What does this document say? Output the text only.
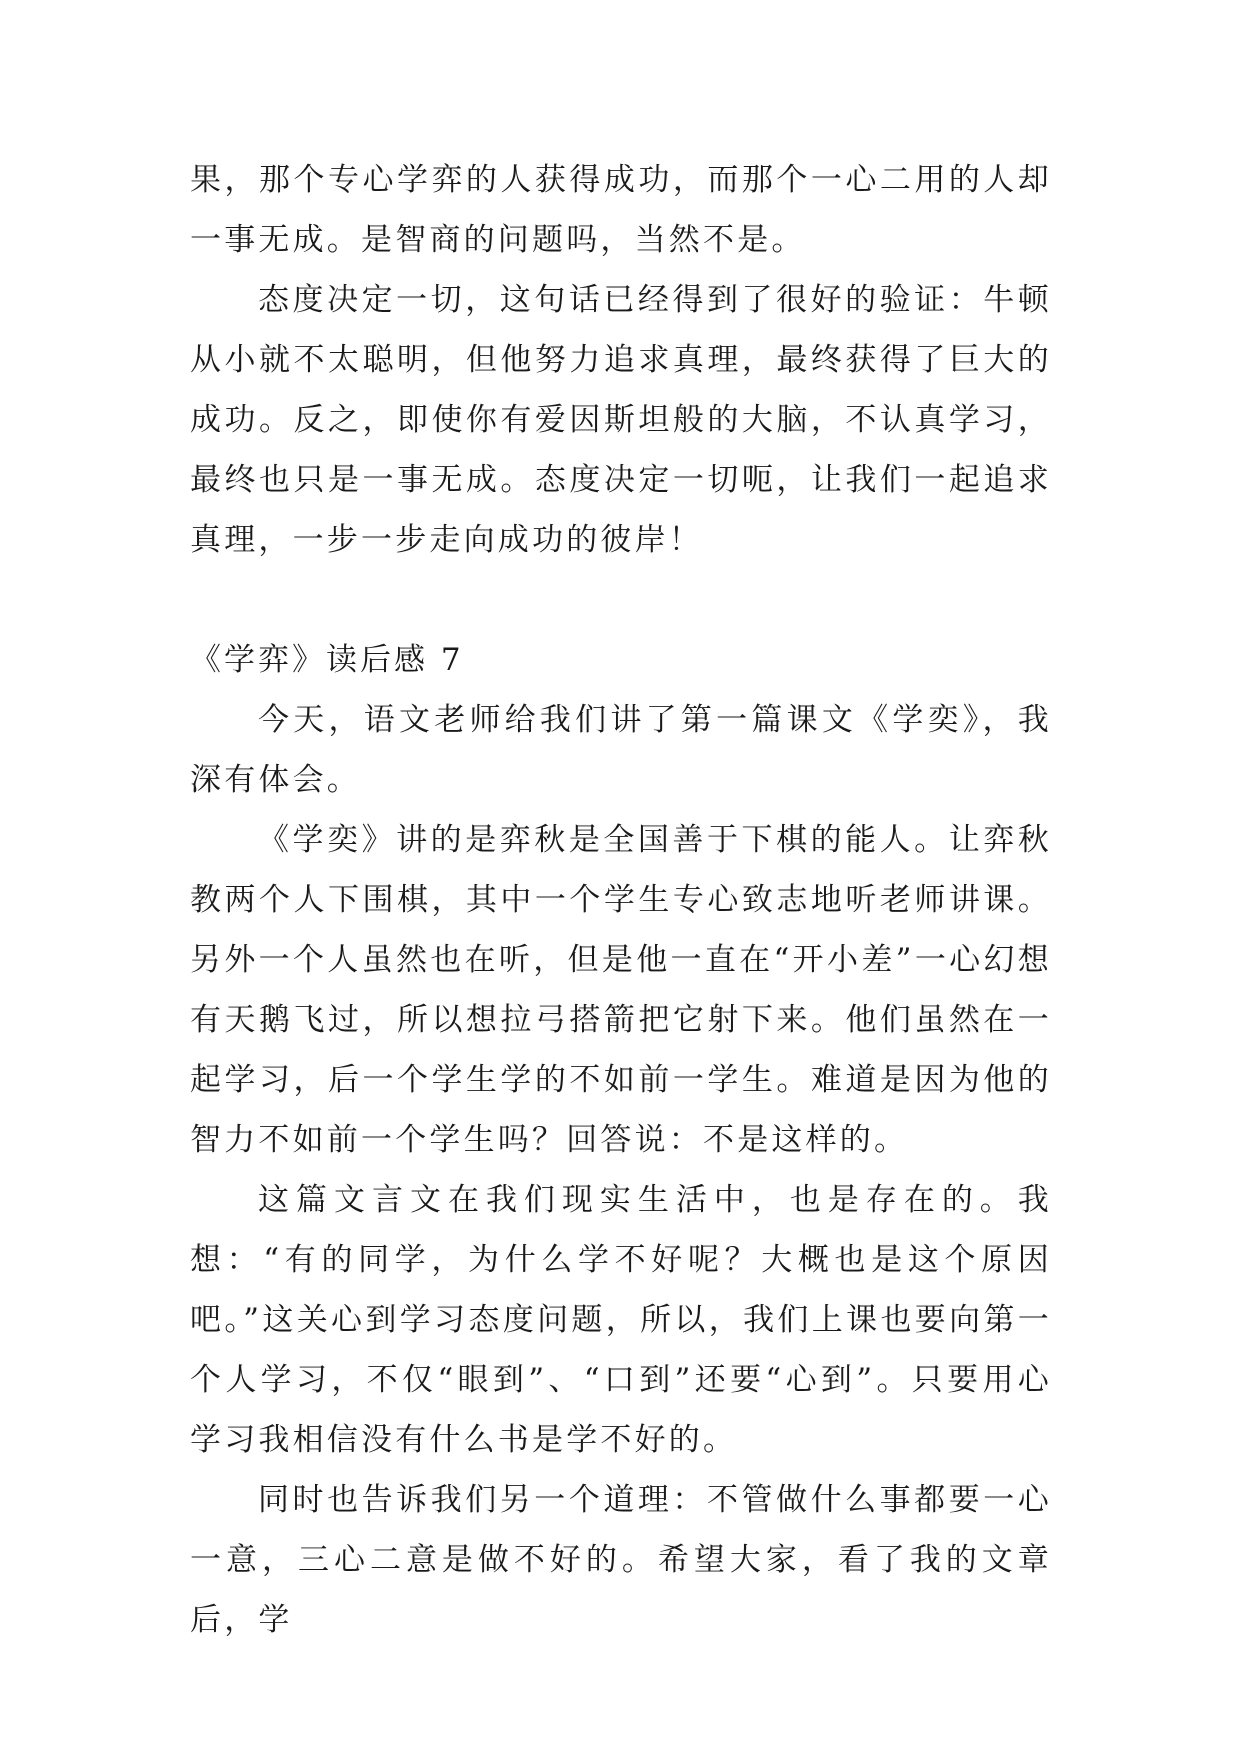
果，那个专心学弈的人获得成功，而那个一心二用的人却一事无成。是智商的问题吗，当然不是。

态度决定一切，这句话已经得到了很好的验证：牛顿从小就不太聪明，但他努力追求真理，最终获得了巨大的成功。反之，即使你有爱因斯坦般的大脑，不认真学习，最终也只是一事无成。态度决定一切呃，让我们一起追求真理，一步一步走向成功的彼岸！

《学弈》读后感 7

今天，语文老师给我们讲了第一篇课文《学奕》，我深有体会。

《学奕》讲的是弈秋是全国善于下棋的能人。让弈秋教两个人下围棋，其中一个学生专心致志地听老师讲课。另外一个人虽然也在听，但是他一直在“开小差”一心幻想有天鹅飞过，所以想拉弓搭箭把它射下来。他们虽然在一起学习，后一个学生学的不如前一学生。难道是因为他的智力不如前一个学生吗？回答说：不是这样的。

这篇文言文在我们现实生活中，也是存在的。我想：“有的同学，为什么学不好呢？大概也是这个原因吧。”这关心到学习态度问题，所以，我们上课也要向第一个人学习，不仅“眼到”、“口到”还要“心到”。只要用心学习我相信没有什么书是学不好的。

同时也告诉我们另一个道理：不管做什么事都要一心一意，三心二意是做不好的。希望大家，看了我的文章后，学
